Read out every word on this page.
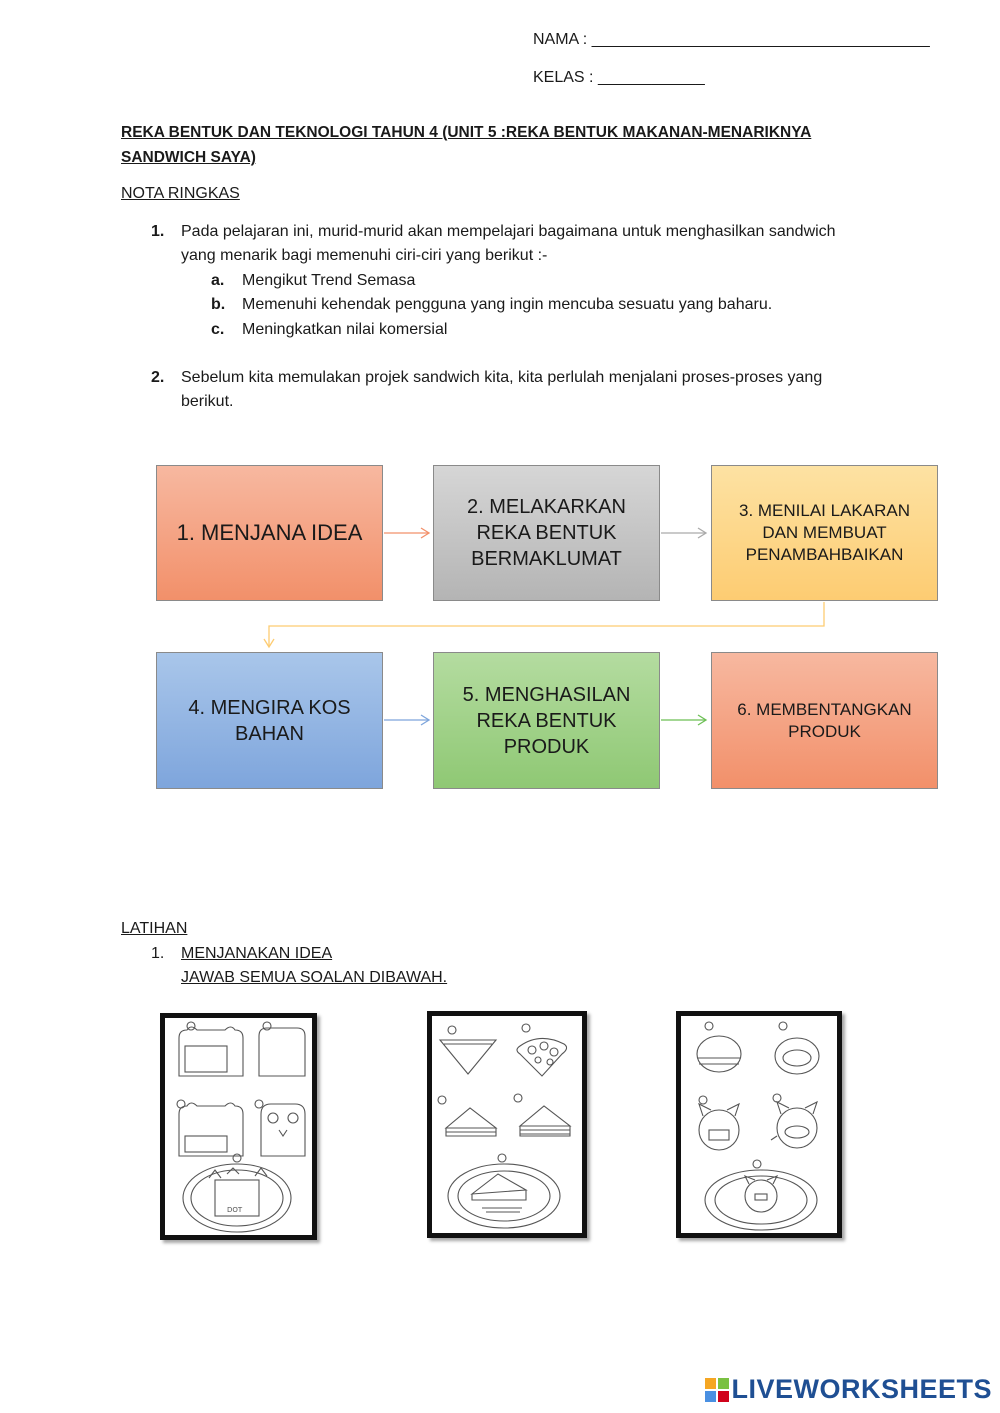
NAMA : ______________________________________
KELAS : ____________
REKA BENTUK DAN TEKNOLOGI TAHUN 4 (UNIT 5 :REKA BENTUK MAKANAN-MENARIKNYA
SANDWICH SAYA)
NOTA RINGKAS
1. Pada pelajaran ini, murid-murid akan mempelajari bagaimana untuk menghasilkan sandwich
yang menarik bagi memenuhi ciri-ciri yang berikut :-
a. Mengikut Trend Semasa
b. Memenuhi kehendak pengguna yang ingin mencuba sesuatu yang baharu.
c. Meningkatkan nilai komersial
2. Sebelum kita memulakan projek sandwich kita, kita perlulah menjalani proses-proses yang
berikut.
1. MENJANA IDEA
2. MELAKARKAN
REKA BENTUK
BERMAKLUMAT
3. MENILAI LAKARAN
DAN MEMBUAT
PENAMBAHBAIKAN
4. MENGIRA KOS
BAHAN
5. MENGHASILAN
REKA BENTUK
PRODUK
6. MEMBENTANGKAN
PRODUK
LATIHAN
1. MENJANAKAN IDEA
JAWAB SEMUA SOALAN DIBAWAH.
DOT
LIVEWORKSHEETS
